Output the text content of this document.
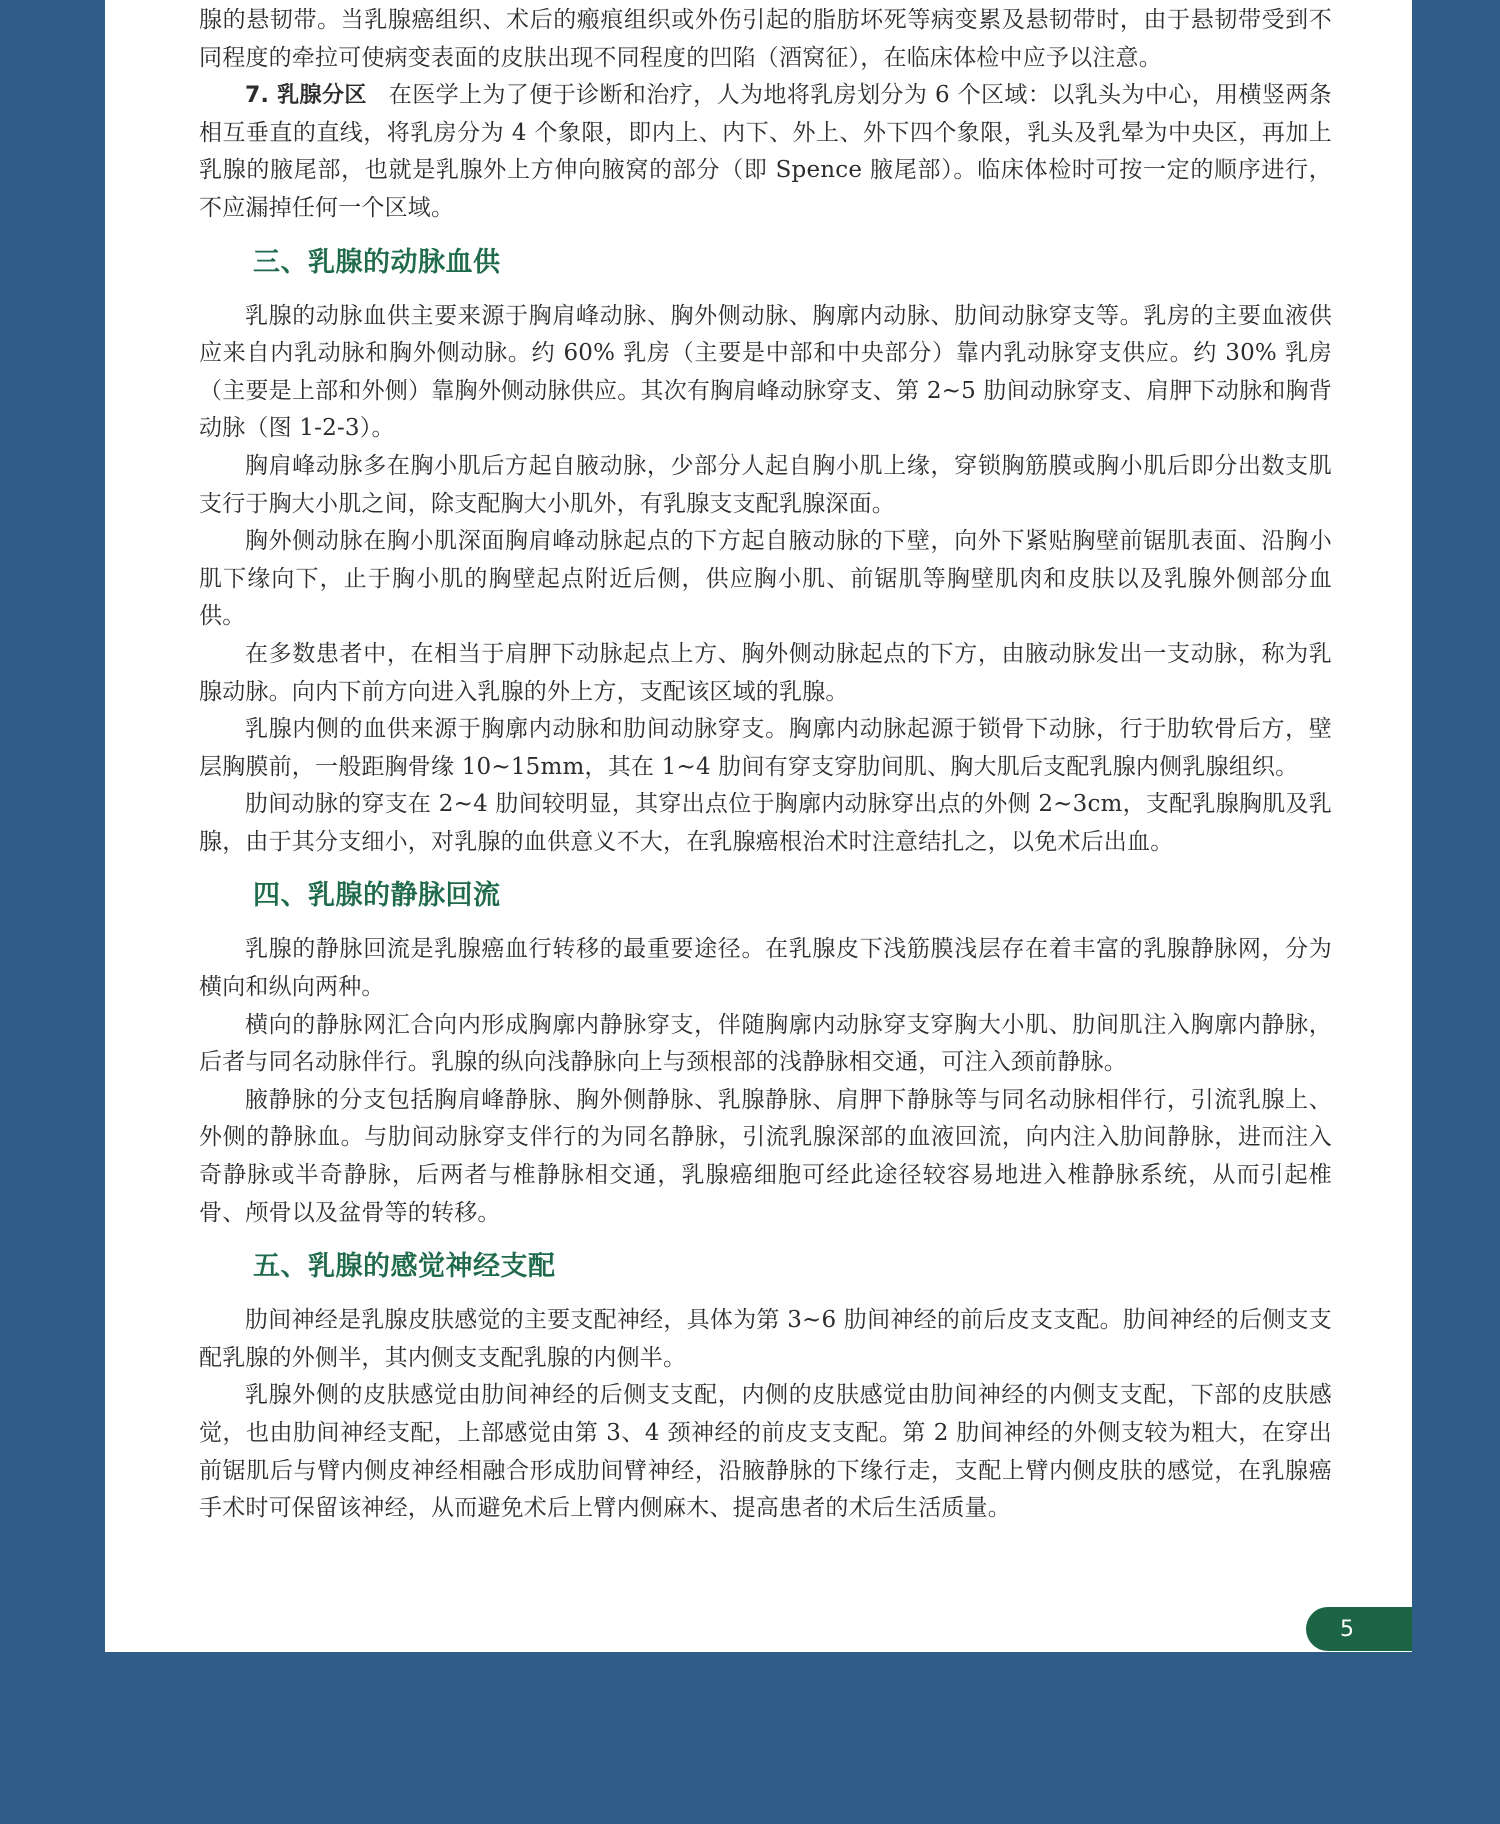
腺的悬韧带。当乳腺癌组织、术后的瘢痕组织或外伤引起的脂肪坏死等病变累及悬韧带时，由于悬韧带受到不同程度的牵拉可使病变表面的皮肤出现不同程度的凹陷（酒窝征），在临床体检中应予以注意。

7. 乳腺分区 在医学上为了便于诊断和治疗，人为地将乳房划分为 6 个区域：以乳头为中心，用横竖两条相互垂直的直线，将乳房分为 4 个象限，即内上、内下、外上、外下四个象限，乳头及乳晕为中央区，再加上乳腺的腋尾部，也就是乳腺外上方伸向腋窝的部分（即 Spence 腋尾部）。临床体检时可按一定的顺序进行，不应漏掉任何一个区域。

三、乳腺的动脉血供

乳腺的动脉血供主要来源于胸肩峰动脉、胸外侧动脉、胸廓内动脉、肋间动脉穿支等。乳房的主要血液供应来自内乳动脉和胸外侧动脉。约 60% 乳房（主要是中部和中央部分）靠内乳动脉穿支供应。约 30% 乳房（主要是上部和外侧）靠胸外侧动脉供应。其次有胸肩峰动脉穿支、第 2~5 肋间动脉穿支、肩胛下动脉和胸背动脉（图 1-2-3）。

胸肩峰动脉多在胸小肌后方起自腋动脉，少部分人起自胸小肌上缘，穿锁胸筋膜或胸小肌后即分出数支肌支行于胸大小肌之间，除支配胸大小肌外，有乳腺支支配乳腺深面。

胸外侧动脉在胸小肌深面胸肩峰动脉起点的下方起自腋动脉的下壁，向外下紧贴胸壁前锯肌表面、沿胸小肌下缘向下，止于胸小肌的胸壁起点附近后侧，供应胸小肌、前锯肌等胸壁肌肉和皮肤以及乳腺外侧部分血供。

在多数患者中，在相当于肩胛下动脉起点上方、胸外侧动脉起点的下方，由腋动脉发出一支动脉，称为乳腺动脉。向内下前方向进入乳腺的外上方，支配该区域的乳腺。

乳腺内侧的血供来源于胸廓内动脉和肋间动脉穿支。胸廓内动脉起源于锁骨下动脉，行于肋软骨后方，壁层胸膜前，一般距胸骨缘 10~15mm，其在 1~4 肋间有穿支穿肋间肌、胸大肌后支配乳腺内侧乳腺组织。

肋间动脉的穿支在 2~4 肋间较明显，其穿出点位于胸廓内动脉穿出点的外侧 2~3cm，支配乳腺胸肌及乳腺，由于其分支细小，对乳腺的血供意义不大，在乳腺癌根治术时注意结扎之，以免术后出血。

四、乳腺的静脉回流

乳腺的静脉回流是乳腺癌血行转移的最重要途径。在乳腺皮下浅筋膜浅层存在着丰富的乳腺静脉网，分为横向和纵向两种。

横向的静脉网汇合向内形成胸廓内静脉穿支，伴随胸廓内动脉穿支穿胸大小肌、肋间肌注入胸廓内静脉，后者与同名动脉伴行。乳腺的纵向浅静脉向上与颈根部的浅静脉相交通，可注入颈前静脉。

腋静脉的分支包括胸肩峰静脉、胸外侧静脉、乳腺静脉、肩胛下静脉等与同名动脉相伴行，引流乳腺上、外侧的静脉血。与肋间动脉穿支伴行的为同名静脉，引流乳腺深部的血液回流，向内注入肋间静脉，进而注入奇静脉或半奇静脉，后两者与椎静脉相交通，乳腺癌细胞可经此途径较容易地进入椎静脉系统，从而引起椎骨、颅骨以及盆骨等的转移。

五、乳腺的感觉神经支配

肋间神经是乳腺皮肤感觉的主要支配神经，具体为第 3~6 肋间神经的前后皮支支配。肋间神经的后侧支支配乳腺的外侧半，其内侧支支配乳腺的内侧半。

乳腺外侧的皮肤感觉由肋间神经的后侧支支配，内侧的皮肤感觉由肋间神经的内侧支支配，下部的皮肤感觉，也由肋间神经支配，上部感觉由第 3、4 颈神经的前皮支支配。第 2 肋间神经的外侧支较为粗大，在穿出前锯肌后与臂内侧皮神经相融合形成肋间臂神经，沿腋静脉的下缘行走，支配上臂内侧皮肤的感觉，在乳腺癌手术时可保留该神经，从而避免术后上臂内侧麻木、提高患者的术后生活质量。

5
